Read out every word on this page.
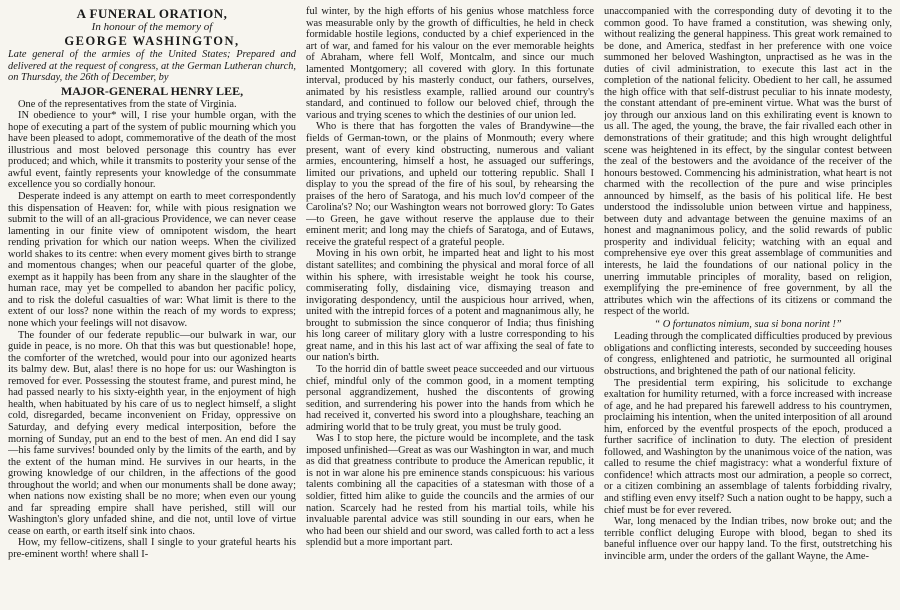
A FUNERAL ORATION,

In honour of the memory of

GEORGE WASHINGTON,

Late general of the armies of the United States; Prepared and delivered at the request of congress, at the German Lutheran church, on Thursday, the 26th of December, by

MAJOR-GENERAL HENRY LEE,

One of the representatives from the state of Virginia.

IN obedience to your* will, I rise your humble organ, with the hope of executing a part of the system of public mourning which you have been pleased to adopt, commemorative of the death of the most illustrious and most beloved personage this country has ever produced; and which, while it transmits to posterity your sense of the awful event, faintly represents your knowledge of the consummate excellence you so cordially honour.

Desperate indeed is any attempt on earth to meet correspondently this dispensation of Heaven: for, while with pious resignation we submit to the will of an all-gracious Providence, we can never cease lamenting in our finite view of omnipotent wisdom, the heart rending privation for which our nation weeps. When the civilized world shakes to its centre: when every moment gives birth to strange and momentous changes; when our peaceful quarter of the globe, exempt as it happily has been from any share in the slaughter of the human race, may yet be compelled to abandon her pacific policy, and to risk the doleful casualties of war: What limit is there to the extent of our loss? none within the reach of my words to express; none which your feelings will not disavow.

The founder of our federate republic—our bulwark in war, our guide in peace, is no more. Oh that this was but questionable! hope, the comforter of the wretched, would pour into our agonized hearts its balmy dew. But, alas! there is no hope for us: our Washington is removed for ever. Possessing the stoutest frame, and purest mind, he had passed nearly to his sixty-eighth year, in the enjoyment of high health, when habituated by his care of us to neglect himself, a slight cold, disregarded, became inconvenient on Friday, oppressive on Saturday, and defying every medical interposition, before the morning of Sunday, put an end to the best of men. An end did I say—his fame survives! bounded only by the limits of the earth, and by the extent of the human mind. He survives in our hearts, in the growing knowledge of our children, in the affections of the good throughout the world; and when our monuments shall be done away; when nations now existing shall be no more; when even our young and far spreading empire shall have perished, still will our Washington's glory unfaded shine, and die not, until love of virtue cease on earth, or earth itself sink into chaos.

How, my fellow-citizens, shall I single to your grateful hearts his pre-eminent worth! where shall I-

ful winter, by the high efforts of his genius whose matchless force was measurable only by the growth of difficulties, he held in check formidable hostile legions, conducted by a chief experienced in the art of war, and famed for his valour on the ever memorable heights of Abraham, where fell Wolf, Montcalm, and since our much lamented Montgomery; all covered with glory. In this fortunate interval, produced by his masterly conduct, our fathers, ourselves, animated by his resistless example, rallied around our country's standard, and continued to follow our beloved chief, through the various and trying scenes to which the destinies of our union led.

Who is there that has forgotten the vales of Brandywine—the fields of German-town, or the plains of Monmouth; every where present, want of every kind obstructing, numerous and valiant armies, encountering, himself a host, he assuaged our sufferings, limited our privations, and upheld our tottering republic. Shall I display to you the spread of the fire of his soul, by rehearsing the praises of the hero of Saratoga, and his much lov'd compeer of the Carolina's? No; our Washington wears not borrowed glory: To Gates—to Green, he gave without reserve the applause due to their eminent merit; and long may the chiefs of Saratoga, and of Eutaws, receive the grateful respect of a grateful people.

Moving in his own orbit, he imparted heat and light to his most distant satellites; and combining the physical and moral force of all within his sphere, with irresistable weight he took his course, commiserating folly, disdaining vice, dismaying treason and invigorating despondency, until the auspicious hour arrived, when, united with the intrepid forces of a potent and magnanimous ally, he brought to submission the since conqueror of India; thus finishing his long career of military glory with a lustre corresponding to his great name, and in this his last act of war affixing the seal of fate to our nation's birth.

To the horrid din of battle sweet peace succeeded and our virtuous chief, mindful only of the common good, in a moment tempting personal aggrandizement, hushed the discontents of growing sedition, and surrendering his power into the hands from which he had received it, converted his sword into a ploughshare, teaching an admiring world that to be truly great, you must be truly good.

Was I to stop here, the picture would be incomplete, and the task imposed unfinished—Great as was our Washington in war, and much as did that greatness contribute to produce the American republic, it is not in war alone his pre eminence stands conspicuous: his various talents combining all the capacities of a statesman with those of a soldier, fitted him alike to guide the councils and the armies of our nation. Scarcely had he rested from his martial toils, while his invaluable parental advice was still sounding in our ears, when he who had been our shield and our sword, was called forth to act a less splendid but a more important part.

unaccompanied with the corresponding duty of devoting it to the common good. To have framed a constitution, was shewing only, without realizing the general happiness. This great work remained to be done, and America, stedfast in her preference with one voice summoned her beloved Washington, unpractised as he was in the duties of civil administration, to execute this last act in the completion of the national felicity. Obedient to her call, he assumed the high office with that self-distrust peculiar to his innate modesty, the constant attendant of pre-eminent virtue. What was the burst of joy through our anxious land on this exhilirating event is known to us all. The aged, the young, the brave, the fair rivalled each other in demonstrations of their gratitude; and this high wrought delightful scene was heightened in its effect, by the singular contest between the zeal of the bestowers and the avoidance of the receiver of the honours bestowed. Commencing his administration, what heart is not charmed with the recollection of the pure and wise principles announced by himself, as the basis of his political life. He best understood the indissoluble union between virtue and happiness, between duty and advantage between the genuine maxims of an honest and magnanimous policy, and the solid rewards of public prosperity and individual felicity; watching with an equal and comprehensive eye over this great assemblage of communities and interests, he laid the foundations of our national policy in the unerring immutable principles of morality, based on religion, exemplifying the pre-eminence of free government, by all the attributes which win the affections of its citizens or command the respect of the world.

“ O fortunatos nimium, sua si bona norint !”

Leading through the complicated difficulties produced by previous obligations and conflicting interests, seconded by succeeding houses of congress, enlightened and patriotic, he surmounted all original obstructions, and brightened the path of our national felicity.

The presidential term expiring, his solicitude to exchange exaltation for humility returned, with a force increased with increase of age, and he had prepared his farewell address to his countrymen, proclaiming his intention, when the united interposition of all around him, enforced by the eventful prospects of the epoch, produced a further sacrifice of inclination to duty. The election of president followed, and Washington by the unanimous voice of the nation, was called to resume the chief magistracy: what a wonderful fixture of confidence! which attracts most our admiration, a people so correct, or a citizen combining an assemblage of talents forbidding rivalry, and stifling even envy itself? Such a nation ought to be happy, such a chief must be for ever revered.

War, long menaced by the Indian tribes, now broke out; and the terrible conflict deluging Europe with blood, began to shed its baneful influence over our happy land. To the first, outstretching his invincible arm, under the orders of the gallant Wayne, the Ame-
